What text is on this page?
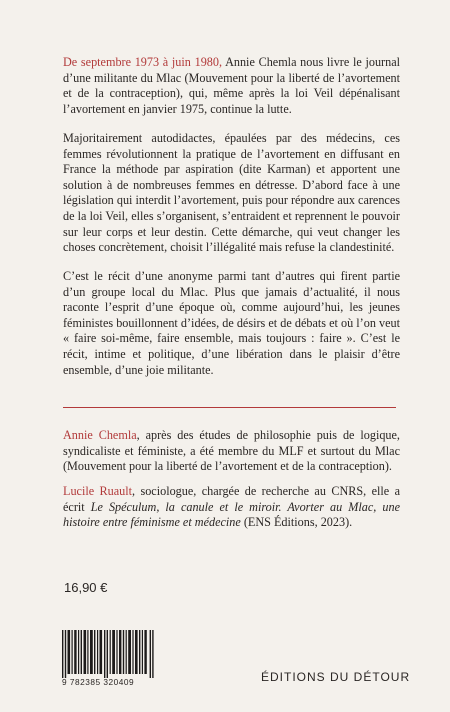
De septembre 1973 à juin 1980, Annie Chemla nous livre le journal d’une militante du Mlac (Mouvement pour la liberté de l’avortement et de la contraception), qui, même après la loi Veil dépénalisant l’avortement en janvier 1975, continue la lutte.
Majoritairement autodidactes, épaulées par des médecins, ces femmes révolutionnent la pratique de l’avortement en diffusant en France la méthode par aspiration (dite Karman) et apportent une solution à de nombreuses femmes en détresse. D’abord face à une législation qui interdit l’avortement, puis pour répondre aux carences de la loi Veil, elles s’organisent, s’entraident et reprennent le pouvoir sur leur corps et leur destin. Cette démarche, qui veut changer les choses concrètement, choisit l’illégalité mais refuse la clandestinité.
C’est le récit d’une anonyme parmi tant d’autres qui firent partie d’un groupe local du Mlac. Plus que jamais d’actualité, il nous raconte l’esprit d’une époque où, comme aujourd’hui, les jeunes féministes bouillonnent d’idées, de désirs et de débats et où l’on veut « faire soi-même, faire ensemble, mais toujours : faire ». C’est le récit, intime et politique, d’une libération dans le plaisir d’être ensemble, d’une joie militante.
Annie Chemla, après des études de philosophie puis de logique, syndicaliste et féministe, a été membre du MLF et surtout du Mlac (Mouvement pour la liberté de l’avortement et de la contraception).
Lucile Ruault, sociologue, chargée de recherche au CNRS, elle a écrit Le Spéculum, la canule et le miroir. Avorter au Mlac, une histoire entre féminisme et médecine (ENS Éditions, 2023).
16,90 €
9 782385 320409	ÉDITIONS DU DÉTOUR
